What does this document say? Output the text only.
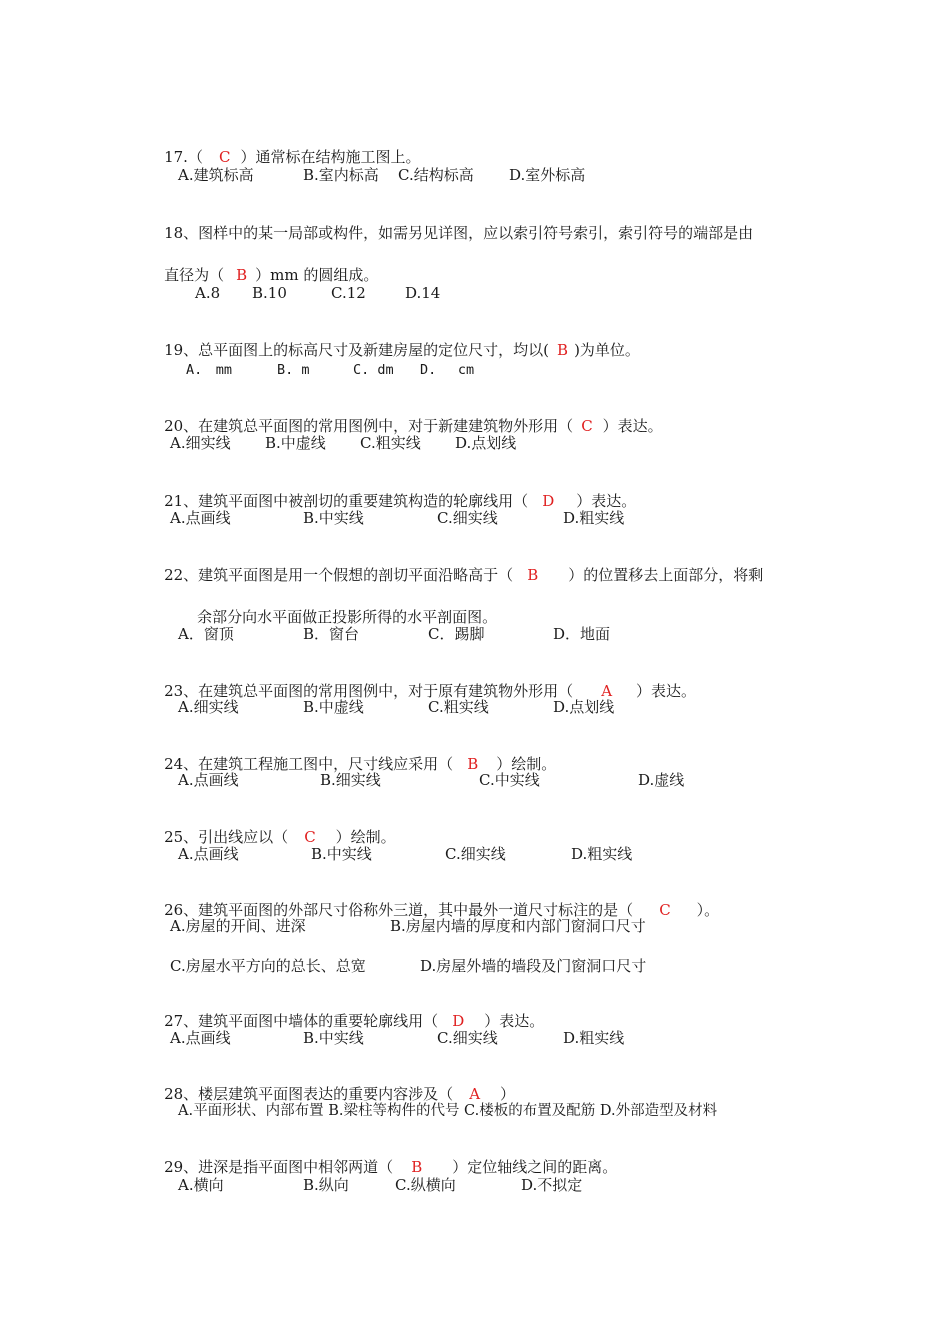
17.（ C ）通常标在结构施工图上。

A.建筑标高	B.室内标高 C.结构标高 D.室外标高

18、图样中的某一局部或构件，如需另见详图，应以索引符号索引，索引符号的端部是由

直径为（ B ）mm 的圆组成。

A.8 B.10	C.12	D.14

19、总平面图上的标高尺寸及新建房屋的定位尺寸，均以( B )为单位。

A.　mm	B. m	C. dm D.　 cm

20、在建筑总平面图的常用图例中，对于新建建筑物外形用（ C ）表达。

A.细实线 B.中虚线 C.粗实线 D.点划线

21、建筑平面图中被剖切的重要建筑构造的轮廓线用（ D ）表达。

A.点画线	B.中实线	C.细实线	D.粗实线

22、建筑平面图是用一个假想的剖切平面沿略高于（ B ）的位置移去上面部分，将剩

余部分向水平面做正投影所得的水平剖面图。

A．窗顶	B．窗台	C．踢脚	D．地面

23、在建筑总平面图的常用图例中，对于原有建筑物外形用（ A ）表达。

A.细实线	B.中虚线	C.粗实线	D.点划线

24、在建筑工程施工图中，尺寸线应采用（ B ）绘制。

A.点画线	B.细实线	C.中实线	D.虚线

25、引出线应以（ C ）绘制。

A.点画线	B.中实线	C.细实线	D.粗实线

26、建筑平面图的外部尺寸俗称外三道，其中最外一道尺寸标注的是（ C ）。

A.房屋的开间、进深	B.房屋内墙的厚度和内部门窗洞口尺寸
C.房屋水平方向的总长、总宽	D.房屋外墙的墙段及门窗洞口尺寸

27、建筑平面图中墙体的重要轮廓线用（ D ）表达。

A.点画线	B.中实线	C.细实线	D.粗实线

28、楼层建筑平面图表达的重要内容涉及（ A ）

A.平面形状、内部布置 B.梁柱等构件的代号 C.楼板的布置及配筋 D.外部造型及材料

29、进深是指平面图中相邻两道（ B ）定位轴线之间的距离。

A.横向	B.纵向	C.纵横向	D.不拟定
